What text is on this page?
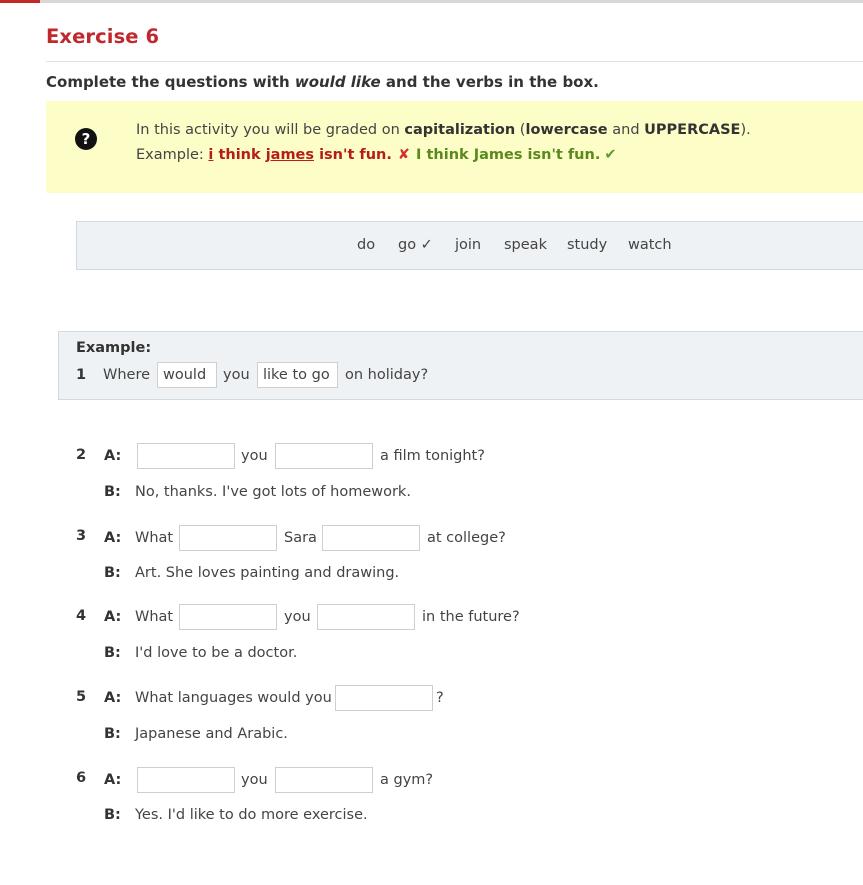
Exercise 6
Complete the questions with would like and the verbs in the box.
?	In this activity you will be graded on capitalization (lowercase and UPPERCASE).
Example: i think james isn't fun. ✘ I think James isn't fun. ✔
do go ✓ join speak study watch
Example:
1 Where would	you like to go	on holiday?
2 A:	you	a film tonight?
B: No, thanks. I've got lots of homework.
3 A: What	Sara	at college?
B: Art. She loves painting and drawing.
4 A: What	you	in the future?
B: I'd love to be a doctor.
5 A: What languages would you	?
B: Japanese and Arabic.
6 A:	you	a gym?
B: Yes. I'd like to do more exercise.
